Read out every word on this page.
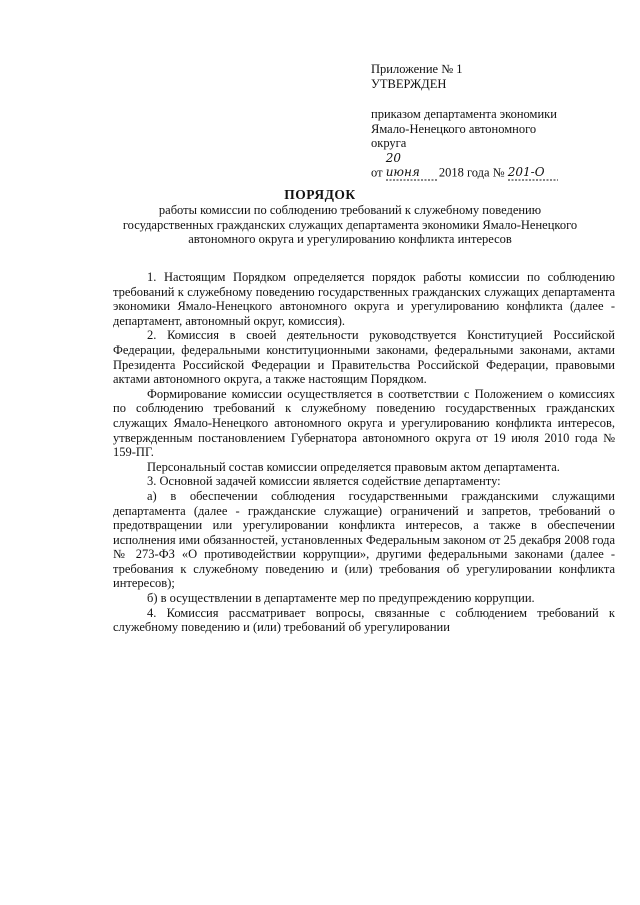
Приложение № 1
УТВЕРЖДЕН
приказом департамента экономики
Ямало-Ненецкого автономного
округа
от 20 июня 2018 года № 201-О
ПОРЯДОК
работы комиссии по соблюдению требований к служебному поведению государственных гражданских служащих департамента экономики Ямало-Ненецкого автономного округа и урегулированию конфликта интересов

1. Настоящим Порядком определяется порядок работы комиссии по соблюдению требований к служебному поведению государственных гражданских служащих департамента экономики Ямало-Ненецкого автономного округа и урегулированию конфликта (далее - департамент, автономный округ, комиссия).

2. Комиссия в своей деятельности руководствуется Конституцией Российской Федерации, федеральными конституционными законами, федеральными законами, актами Президента Российской Федерации и Правительства Российской Федерации, правовыми актами автономного округа, а также настоящим Порядком.

Формирование комиссии осуществляется в соответствии с Положением о комиссиях по соблюдению требований к служебному поведению государственных гражданских служащих Ямало-Ненецкого автономного округа и урегулированию конфликта интересов, утвержденным постановлением Губернатора автономного округа от 19 июля 2010 года № 159-ПГ.

Персональный состав комиссии определяется правовым актом департамента.

3. Основной задачей комиссии является содействие департаменту:

а) в обеспечении соблюдения государственными гражданскими служащими департамента (далее - гражданские служащие) ограничений и запретов, требований о предотвращении или урегулировании конфликта интересов, а также в обеспечении исполнения ими обязанностей, установленных Федеральным законом от 25 декабря 2008 года № 273-ФЗ «О противодействии коррупции», другими федеральными законами (далее - требования к служебному поведению и (или) требования об урегулировании конфликта интересов);

б) в осуществлении в департаменте мер по предупреждению коррупции.

4. Комиссия рассматривает вопросы, связанные с соблюдением требований к служебному поведению и (или) требований об урегулировании
